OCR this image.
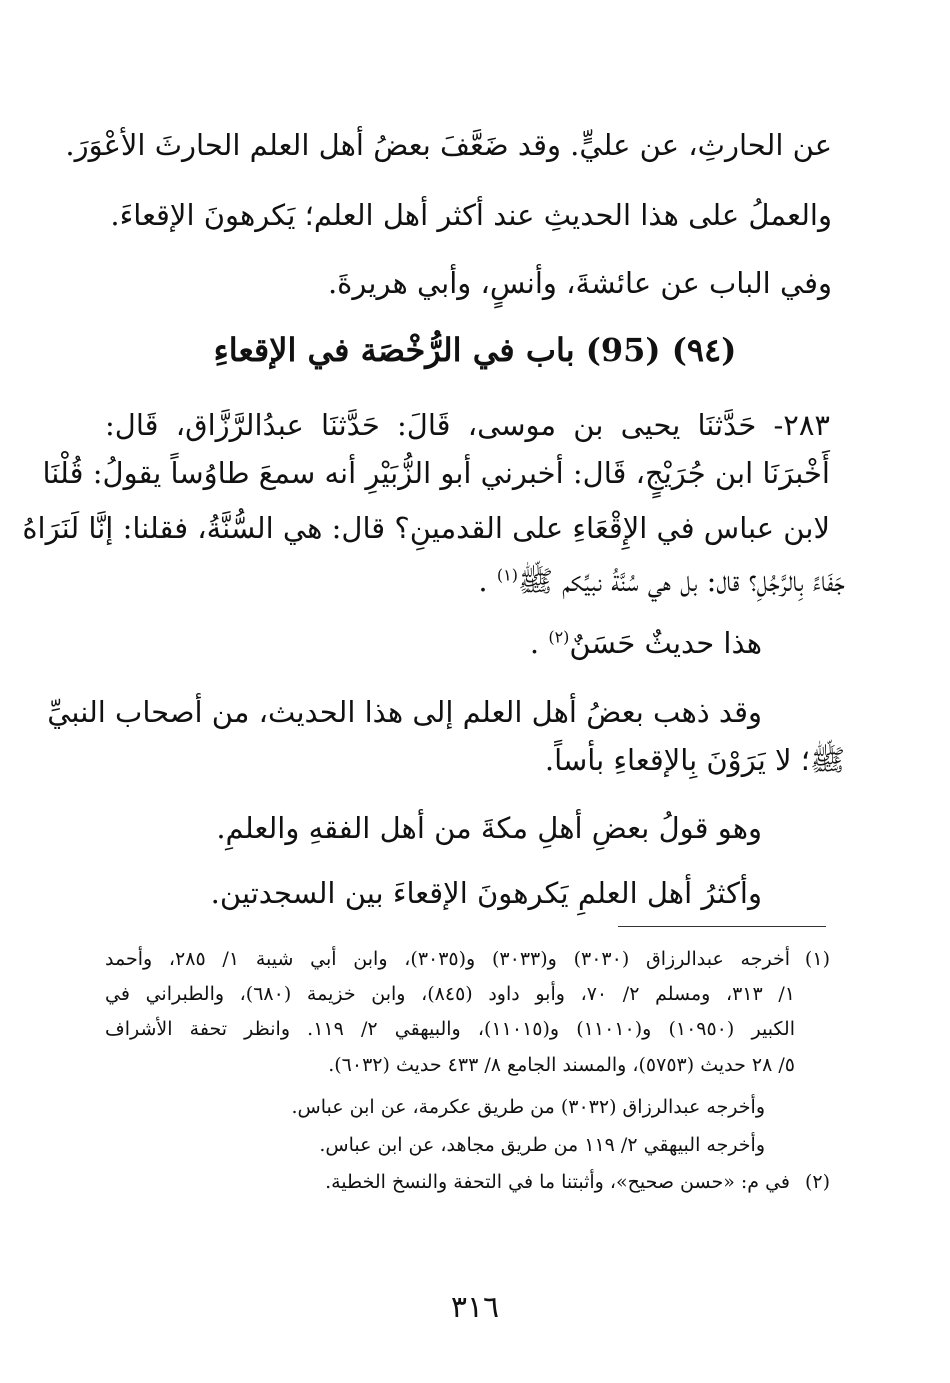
عن الحارثِ، عن عليٍّ. وقد ضَعَّفَ بعضُ أهل العلم الحارثَ الأعْوَرَ.
والعملُ على هذا الحديثِ عند أكثر أهل العلم؛ يَكرهونَ الإقعاءَ.
وفي الباب عن عائشةَ، وأنسٍ، وأبي هريرةَ.
(٩٤) (95) باب في الرُّخْصَة في الإقعاءِ
٢٨٣- حَدَّثنَا يحيى بن موسى، قَالَ: حَدَّثنَا عبدُالرَّزَّاق، قَال:
أَخْبرَنَا ابن جُرَيْجٍ، قَال: أخبرني أبو الزُّبَيْرِ أنه سمعَ طاوُساً يقولُ: قُلْنَا
لابن عباس في الإِقْعَاءِ على القدمينِ؟ قال: هي السُّنَّةُ، فقلنا: إنَّا لَنَرَاهُ
جَفَاءً بِالرَّجُلِ؟ قال: بل هي سُنَّةُ نبيِّكم ﷺ$^{(١)}$ .
هذا حديثٌ حَسَنٌ$^{(٢)}$ .
وقد ذهب بعضُ أهل العلم إلى هذا الحديث، من أصحاب النبيِّ
ﷺ؛ لا يَرَوْنَ بِالإقعاءِ بأساً.
وهو قولُ بعضِ أهلِ مكةَ من أهل الفقهِ والعلمِ.
وأكثرُ أهل العلمِ يَكرهونَ الإقعاءَ بين السجدتين.
(١)أخرجه عبدالرزاق (٣٠٣٠) و(٣٠٣٣) و(٣٠٣٥)، وابن أبي شيبة ١/ ٢٨٥، وأحمد
١/ ٣١٣، ومسلم ٢/ ٧٠، وأبو داود (٨٤٥)، وابن خزيمة (٦٨٠)، والطبراني في
الكبير (١٠٩٥٠) و(١١٠١٠) و(١١٠١٥)، والبيهقي ٢/ ١١٩. وانظر تحفة الأشراف
٥/ ٢٨ حديث (٥٧٥٣)، والمسند الجامع ٨/ ٤٣٣ حديث (٦٠٣٢).
وأخرجه عبدالرزاق (٣٠٣٢) من طريق عكرمة، عن ابن عباس.
وأخرجه البيهقي ٢/ ١١٩ من طريق مجاهد، عن ابن عباس.
(٢)في م: «حسن صحيح»، وأثبتنا ما في التحفة والنسخ الخطية.
٣١٦
